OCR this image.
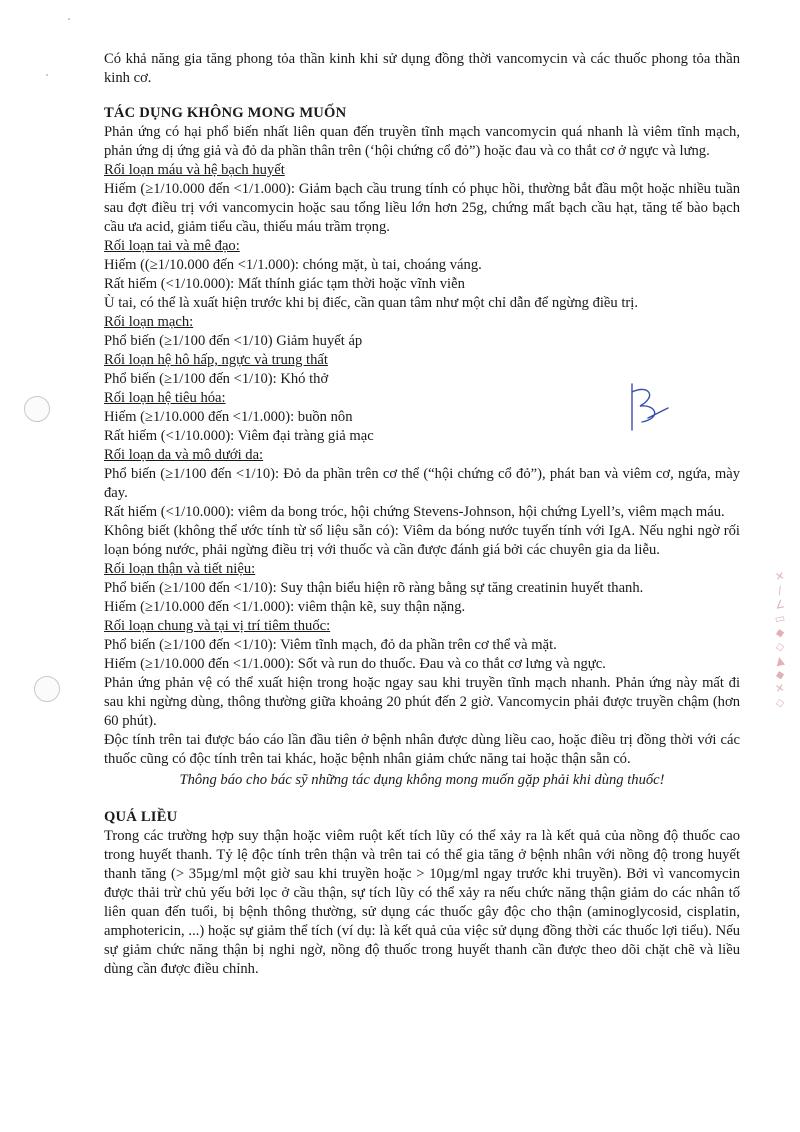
Có khả năng gia tăng phong tỏa thần kinh khi sử dụng đồng thời vancomycin và các thuốc phong tỏa thần kinh cơ.

TÁC DỤNG KHÔNG MONG MUỐN

Phản ứng có hại phổ biến nhất liên quan đến truyền tĩnh mạch vancomycin quá nhanh là viêm tĩnh mạch, phản ứng dị ứng giả và đỏ da phần thân trên (‘hội chứng cổ đỏ”) hoặc đau và co thắt cơ ở ngực và lưng.

Rối loạn máu và hệ bạch huyết

Hiếm (≥1/10.000 đến <1/1.000): Giảm bạch cầu trung tính có phục hồi, thường bắt đầu một hoặc nhiều tuần sau đợt điều trị với vancomycin hoặc sau tổng liều lớn hơn 25g, chứng mất bạch cầu hạt, tăng tế bào bạch cầu ưa acid, giảm tiểu cầu, thiếu máu trầm trọng.

Rối loạn tai và mê đạo:

Hiếm ((≥1/10.000 đến <1/1.000): chóng mặt, ù tai, choáng váng.

Rất hiếm (<1/10.000): Mất thính giác tạm thời hoặc vĩnh viễn

Ù tai, có thể là xuất hiện trước khi bị điếc, cần quan tâm như một chỉ dẫn để ngừng điều trị.

Rối loạn mạch:

Phổ biến (≥1/100 đến <1/10) Giảm huyết áp

Rối loạn hệ hô hấp, ngực và trung thất

Phổ biến (≥1/100 đến <1/10): Khó thở

Rối loạn hệ tiêu hóa:

Hiếm (≥1/10.000 đến <1/1.000): buồn nôn

Rất hiếm (<1/10.000): Viêm đại tràng giả mạc

Rối loạn da và mô dưới da:

Phổ biến (≥1/100 đến <1/10): Đỏ da phần trên cơ thể (“hội chứng cổ đỏ”), phát ban và viêm cơ, ngứa, mày đay.

Rất hiếm (<1/10.000): viêm da bong tróc, hội chứng Stevens-Johnson, hội chứng Lyell’s, viêm mạch máu.

Không biết (không thể ước tính từ số liệu sẵn có): Viêm da bóng nước tuyến tính với IgA. Nếu nghi ngờ rối loạn bóng nước, phải ngừng điều trị với thuốc và cần được đánh giá bởi các chuyên gia da liễu.

Rối loạn thận và tiết niệu:

Phổ biến (≥1/100 đến <1/10): Suy thận biểu hiện rõ ràng bằng sự tăng creatinin huyết thanh.

Hiếm (≥1/10.000 đến <1/1.000): viêm thận kẽ, suy thận nặng.

Rối loạn chung và tại vị trí tiêm thuốc:

Phổ biến (≥1/100 đến <1/10): Viêm tĩnh mạch, đỏ da phần trên cơ thể và mặt.

Hiếm (≥1/10.000 đến <1/1.000): Sốt và run do thuốc. Đau và co thắt cơ lưng và ngực.

Phản ứng phản vệ có thể xuất hiện trong hoặc ngay sau khi truyền tĩnh mạch nhanh. Phản ứng này mất đi sau khi ngừng dùng, thông thường giữa khoảng 20 phút đến 2 giờ. Vancomycin phải được truyền chậm (hơn 60 phút).

Độc tính trên tai được báo cáo lần đầu tiên ở bệnh nhân được dùng liều cao, hoặc điều trị đồng thời với các thuốc cũng có độc tính trên tai khác, hoặc bệnh nhân giảm chức năng tai hoặc thận sẵn có.

Thông báo cho bác sỹ những tác dụng không mong muốn gặp phải khi dùng thuốc!

QUÁ LIỀU

Trong các trường hợp suy thận hoặc viêm ruột kết tích lũy có thể xảy ra là kết quả của nồng độ thuốc cao trong huyết thanh. Tỷ lệ độc tính trên thận và trên tai có thể gia tăng ở bệnh nhân với nồng độ trong huyết thanh tăng (> 35µg/ml một giờ sau khi truyền hoặc > 10µg/ml ngay trước khi truyền). Bởi vì vancomycin được thải trừ chủ yếu bởi lọc ở cầu thận, sự tích lũy có thể xảy ra nếu chức năng thận giảm do các nhân tố liên quan đến tuổi, bị bệnh thông thường, sử dụng các thuốc gây độc cho thận (aminoglycosid, cisplatin, amphotericin, ...) hoặc sự giảm thể tích (ví dụ: là kết quả của việc sử dụng đồng thời các thuốc lợi tiểu). Nếu sự giảm chức năng thận bị nghi ngờ, nồng độ thuốc trong huyết thanh cần được theo dõi chặt chẽ và liều dùng cần được điều chỉnh.

✕
/
∠
▭
◆
◇
▲
◆
✕
◇
